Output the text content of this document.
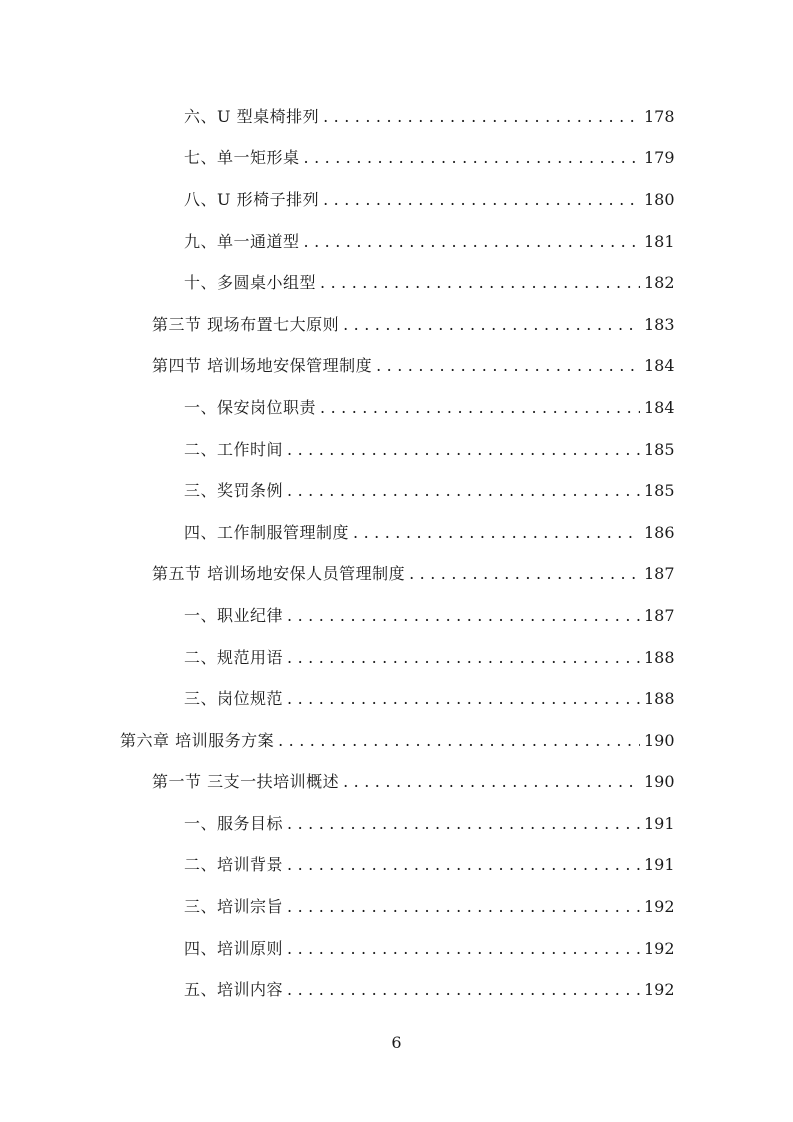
六、U 型桌椅排列 . . .	178
七、单一矩形桌 . . .	179
八、U 形椅子排列 . . .	180
九、单一通道型 . . .	181
十、多圆桌小组型 . . .	182
第三节 现场布置七大原则 . . .	183
第四节 培训场地安保管理制度 . . .	184
一、保安岗位职责 . . .	184
二、工作时间 . . .	185
三、奖罚条例 . . .	185
四、工作制服管理制度 . . .	186
第五节 培训场地安保人员管理制度 . . .	187
一、职业纪律 . . .	187
二、规范用语 . . .	188
三、岗位规范 . . .	188
第六章 培训服务方案 . . .	190
第一节 三支一扶培训概述 . . .	190
一、服务目标 . . .	191
二、培训背景 . . .	191
三、培训宗旨 . . .	192
四、培训原则 . . .	192
五、培训内容 . . .	192
6
